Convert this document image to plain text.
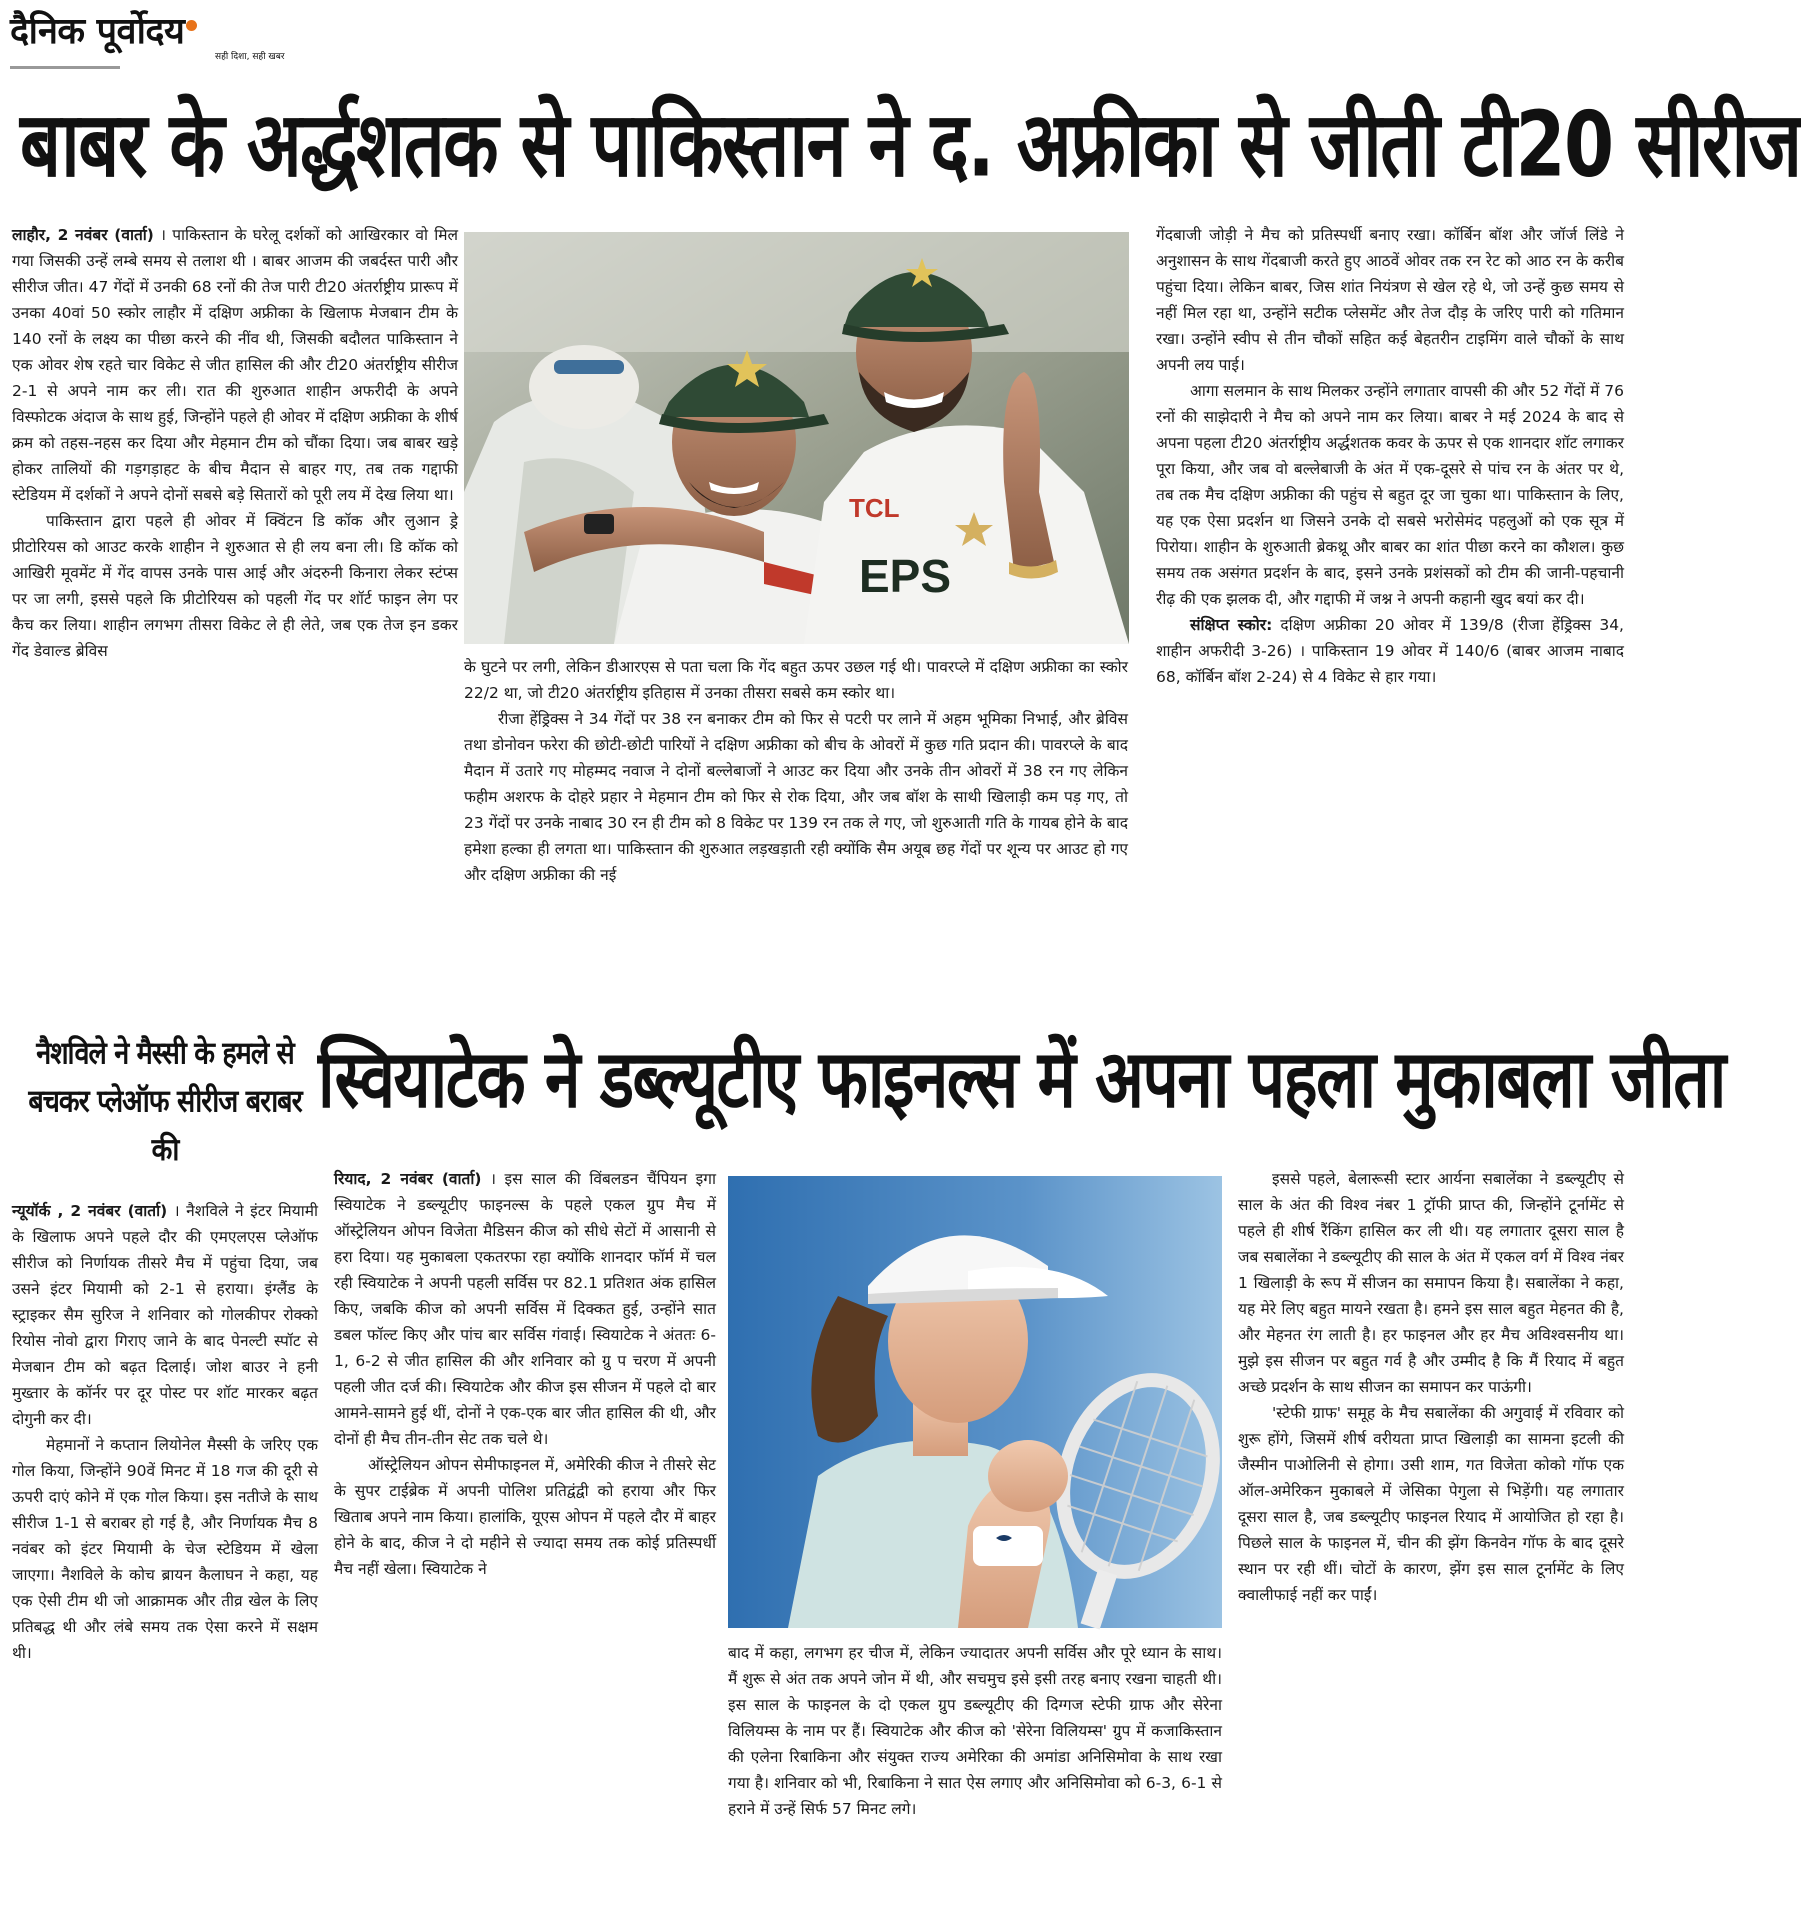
दैनिक पूर्वोदय
सही दिशा, सही खबर
बाबर के अर्द्धशतक से पाकिस्तान ने द. अफ्रीका से जीती टी20 सीरीज

लाहौर, 2 नवंबर (वार्ता) । पाकिस्तान के घरेलू दर्शकों को आखिरकार वो मिल गया जिसकी उन्हें लम्बे समय से तलाश थी । बाबर आजम की जबर्दस्त पारी और सीरीज जीत। 47 गेंदों में उनकी 68 रनों की तेज पारी टी20 अंतर्राष्ट्रीय प्रारूप में उनका 40वां 50 स्कोर लाहौर में दक्षिण अफ्रीका के खिलाफ मेजबान टीम के 140 रनों के लक्ष्य का पीछा करने की नींव थी, जिसकी बदौलत पाकिस्तान ने एक ओवर शेष रहते चार विकेट से जीत हासिल की और टी20 अंतर्राष्ट्रीय सीरीज 2-1 से अपने नाम कर ली। रात की शुरुआत शाहीन अफरीदी के अपने विस्फोटक अंदाज के साथ हुई, जिन्होंने पहले ही ओवर में दक्षिण अफ्रीका के शीर्ष क्रम को तहस-नहस कर दिया और मेहमान टीम को चौंका दिया। जब बाबर खड़े होकर तालियों की गड़गड़ाहट के बीच मैदान से बाहर गए, तब तक गद्दाफी स्टेडियम में दर्शकों ने अपने दोनों सबसे बड़े सितारों को पूरी लय में देख लिया था।

पाकिस्तान द्वारा पहले ही ओवर में क्विंटन डि कॉक और लुआन ड्रे प्रीटोरियस को आउट करके शाहीन ने शुरुआत से ही लय बना ली। डि कॉक को आखिरी मूवमेंट में गेंद वापस उनके पास आई और अंदरुनी किनारा लेकर स्टंप्स पर जा लगी, इससे पहले कि प्रीटोरियस को पहली गेंद पर शॉर्ट फाइन लेग पर कैच कर लिया। शाहीन लगभग तीसरा विकेट ले ही लेते, जब एक तेज इन डकर गेंद डेवाल्ड ब्रेविस

EPS
TCL

के घुटने पर लगी, लेकिन डीआरएस से पता चला कि गेंद बहुत ऊपर उछल गई थी। पावरप्ले में दक्षिण अफ्रीका का स्कोर 22/2 था, जो टी20 अंतर्राष्ट्रीय इतिहास में उनका तीसरा सबसे कम स्कोर था।

रीजा हेंड्रिक्स ने 34 गेंदों पर 38 रन बनाकर टीम को फिर से पटरी पर लाने में अहम भूमिका निभाई, और ब्रेविस तथा डोनोवन फरेरा की छोटी-छोटी पारियों ने दक्षिण अफ्रीका को बीच के ओवरों में कुछ गति प्रदान की। पावरप्ले के बाद मैदान में उतारे गए मोहम्मद नवाज ने दोनों बल्लेबाजों ने आउट कर दिया और उनके तीन ओवरों में 38 रन गए लेकिन फहीम अशरफ के दोहरे प्रहार ने मेहमान टीम को फिर से रोक दिया, और जब बॉश के साथी खिलाड़ी कम पड़ गए, तो 23 गेंदों पर उनके नाबाद 30 रन ही टीम को 8 विकेट पर 139 रन तक ले गए, जो शुरुआती गति के गायब होने के बाद हमेशा हल्का ही लगता था। पाकिस्तान की शुरुआत लड़खड़ाती रही क्योंकि सैम अयूब छह गेंदों पर शून्य पर आउट हो गए और दक्षिण अफ्रीका की नई

गेंदबाजी जोड़ी ने मैच को प्रतिस्पर्धी बनाए रखा। कॉर्बिन बॉश और जॉर्ज लिंडे ने अनुशासन के साथ गेंदबाजी करते हुए आठवें ओवर तक रन रेट को आठ रन के करीब पहुंचा दिया। लेकिन बाबर, जिस शांत नियंत्रण से खेल रहे थे, जो उन्हें कुछ समय से नहीं मिल रहा था, उन्होंने सटीक प्लेसमेंट और तेज दौड़ के जरिए पारी को गतिमान रखा। उन्होंने स्वीप से तीन चौकों सहित कई बेहतरीन टाइमिंग वाले चौकों के साथ अपनी लय पाई।

आगा सलमान के साथ मिलकर उन्होंने लगातार वापसी की और 52 गेंदों में 76 रनों की साझेदारी ने मैच को अपने नाम कर लिया। बाबर ने मई 2024 के बाद से अपना पहला टी20 अंतर्राष्ट्रीय अर्द्धशतक कवर के ऊपर से एक शानदार शॉट लगाकर पूरा किया, और जब वो बल्लेबाजी के अंत में एक-दूसरे से पांच रन के अंतर पर थे, तब तक मैच दक्षिण अफ्रीका की पहुंच से बहुत दूर जा चुका था। पाकिस्तान के लिए, यह एक ऐसा प्रदर्शन था जिसने उनके दो सबसे भरोसेमंद पहलुओं को एक सूत्र में पिरोया। शाहीन के शुरुआती ब्रेकथ्रू और बाबर का शांत पीछा करने का कौशल। कुछ समय तक असंगत प्रदर्शन के बाद, इसने उनके प्रशंसकों को टीम की जानी-पहचानी रीढ़ की एक झलक दी, और गद्दाफी में जश्न ने अपनी कहानी खुद बयां कर दी।

संक्षिप्त स्कोर: दक्षिण अफ्रीका 20 ओवर में 139/8 (रीजा हेंड्रिक्स 34, शाहीन अफरीदी 3-26) । पाकिस्तान 19 ओवर में 140/6 (बाबर आजम नाबाद 68, कॉर्बिन बॉश 2-24) से 4 विकेट से हार गया।

नैशविले ने मैस्सी के हमले से बचकर प्लेऑफ सीरीज बराबर की

न्यूयॉर्क , 2 नवंबर (वार्ता) । नैशविले ने इंटर मियामी के खिलाफ अपने पहले दौर की एमएलएस प्लेऑफ सीरीज को निर्णायक तीसरे मैच में पहुंचा दिया, जब उसने इंटर मियामी को 2-1 से हराया। इंग्लैंड के स्ट्राइकर सैम सुरिज ने शनिवार को गोलकीपर रोक्को रियोस नोवो द्वारा गिराए जाने के बाद पेनल्टी स्पॉट से मेजबान टीम को बढ़त दिलाई। जोश बाउर ने हनी मुख्तार के कॉर्नर पर दूर पोस्ट पर शॉट मारकर बढ़त दोगुनी कर दी।

मेहमानों ने कप्तान लियोनेल मैस्सी के जरिए एक गोल किया, जिन्होंने 90वें मिनट में 18 गज की दूरी से ऊपरी दाएं कोने में एक गोल किया। इस नतीजे के साथ सीरीज 1-1 से बराबर हो गई है, और निर्णायक मैच 8 नवंबर को इंटर मियामी के चेज स्टेडियम में खेला जाएगा। नैशविले के कोच ब्रायन कैलाघन ने कहा, यह एक ऐसी टीम थी जो आक्रामक और तीव्र खेल के लिए प्रतिबद्ध थी और लंबे समय तक ऐसा करने में सक्षम थी।

स्वियाटेक ने डब्ल्यूटीए फाइनल्स में अपना पहला मुकाबला जीता

रियाद, 2 नवंबर (वार्ता) । इस साल की विंबलडन चैंपियन इगा स्वियाटेक ने डब्ल्यूटीए फाइनल्स के पहले एकल ग्रुप मैच में ऑस्ट्रेलियन ओपन विजेता मैडिसन कीज को सीधे सेटों में आसानी से हरा दिया। यह मुकाबला एकतरफा रहा क्योंकि शानदार फॉर्म में चल रही स्वियाटेक ने अपनी पहली सर्विस पर 82.1 प्रतिशत अंक हासिल किए, जबकि कीज को अपनी सर्विस में दिक्कत हुई, उन्होंने सात डबल फॉल्ट किए और पांच बार सर्विस गंवाई। स्वियाटेक ने अंततः 6-1, 6-2 से जीत हासिल की और शनिवार को ग्रु प चरण में अपनी पहली जीत दर्ज की। स्वियाटेक और कीज इस सीजन में पहले दो बार आमने-सामने हुई थीं, दोनों ने एक-एक बार जीत हासिल की थी, और दोनों ही मैच तीन-तीन सेट तक चले थे।

ऑस्ट्रेलियन ओपन सेमीफाइनल में, अमेरिकी कीज ने तीसरे सेट के सुपर टाईब्रेक में अपनी पोलिश प्रतिद्वंद्वी को हराया और फिर खिताब अपने नाम किया। हालांकि, यूएस ओपन में पहले दौर में बाहर होने के बाद, कीज ने दो महीने से ज्यादा समय तक कोई प्रतिस्पर्धी मैच नहीं खेला। स्वियाटेक ने

बाद में कहा, लगभग हर चीज में, लेकिन ज्यादातर अपनी सर्विस और पूरे ध्यान के साथ। मैं शुरू से अंत तक अपने जोन में थी, और सचमुच इसे इसी तरह बनाए रखना चाहती थी। इस साल के फाइनल के दो एकल ग्रुप डब्ल्यूटीए की दिग्गज स्टेफी ग्राफ और सेरेना विलियम्स के नाम पर हैं। स्वियाटेक और कीज को 'सेरेना विलियम्स' ग्रुप में कजाकिस्तान की एलेना रिबाकिना और संयुक्त राज्य अमेरिका की अमांडा अनिसिमोवा के साथ रखा गया है। शनिवार को भी, रिबाकिना ने सात ऐस लगाए और अनिसिमोवा को 6-3, 6-1 से हराने में उन्हें सिर्फ 57 मिनट लगे।

इससे पहले, बेलारूसी स्टार आर्यना सबालेंका ने डब्ल्यूटीए से साल के अंत की विश्व नंबर 1 ट्रॉफी प्राप्त की, जिन्होंने टूर्नामेंट से पहले ही शीर्ष रैंकिंग हासिल कर ली थी। यह लगातार दूसरा साल है जब सबालेंका ने डब्ल्यूटीए की साल के अंत में एकल वर्ग में विश्व नंबर 1 खिलाड़ी के रूप में सीजन का समापन किया है। सबालेंका ने कहा, यह मेरे लिए बहुत मायने रखता है। हमने इस साल बहुत मेहनत की है, और मेहनत रंग लाती है। हर फाइनल और हर मैच अविश्वसनीय था। मुझे इस सीजन पर बहुत गर्व है और उम्मीद है कि मैं रियाद में बहुत अच्छे प्रदर्शन के साथ सीजन का समापन कर पाऊंगी।

'स्टेफी ग्राफ' समूह के मैच सबालेंका की अगुवाई में रविवार को शुरू होंगे, जिसमें शीर्ष वरीयता प्राप्त खिलाड़ी का सामना इटली की जैस्मीन पाओलिनी से होगा। उसी शाम, गत विजेता कोको गॉफ एक ऑल-अमेरिकन मुकाबले में जेसिका पेगुला से भिड़ेंगी। यह लगातार दूसरा साल है, जब डब्ल्यूटीए फाइनल रियाद में आयोजित हो रहा है। पिछले साल के फाइनल में, चीन की झेंग किनवेन गॉफ के बाद दूसरे स्थान पर रही थीं। चोटों के कारण, झेंग इस साल टूर्नामेंट के लिए क्वालीफाई नहीं कर पाईं।
